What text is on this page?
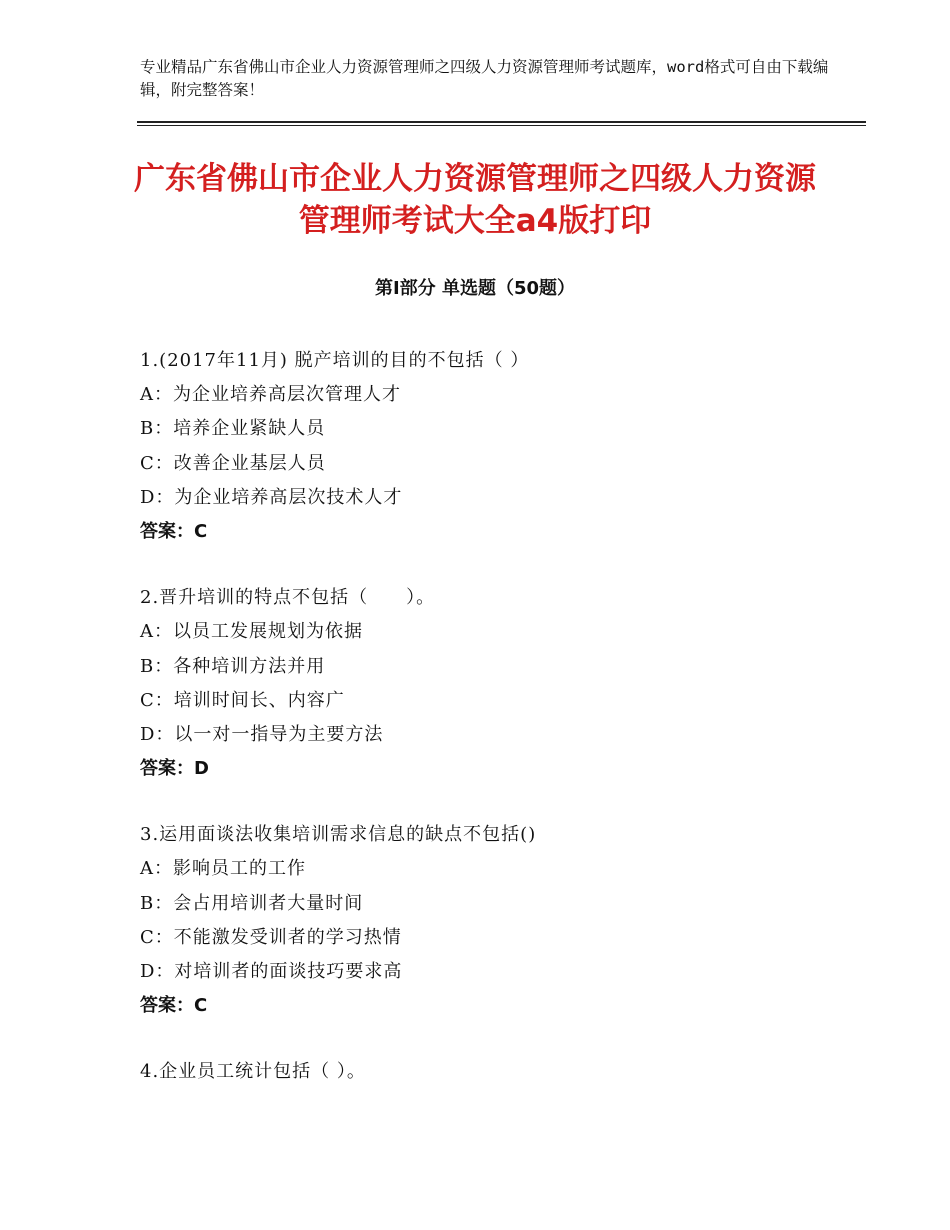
专业精品广东省佛山市企业人力资源管理师之四级人力资源管理师考试题库，word格式可自由下载编辑，附完整答案！
广东省佛山市企业人力资源管理师之四级人力资源管理师考试大全a4版打印
第Ⅰ部分 单选题（50题）
1.(2017年11月) 脱产培训的目的不包括（ ）
A：为企业培养高层次管理人才
B：培养企业紧缺人员
C：改善企业基层人员
D：为企业培养高层次技术人才
答案：C
2.晋升培训的特点不包括（　　）。
A：以员工发展规划为依据
B：各种培训方法并用
C：培训时间长、内容广
D：以一对一指导为主要方法
答案：D
3.运用面谈法收集培训需求信息的缺点不包括()
A：影响员工的工作
B：会占用培训者大量时间
C：不能激发受训者的学习热情
D：对培训者的面谈技巧要求高
答案：C
4.企业员工统计包括（ ）。
